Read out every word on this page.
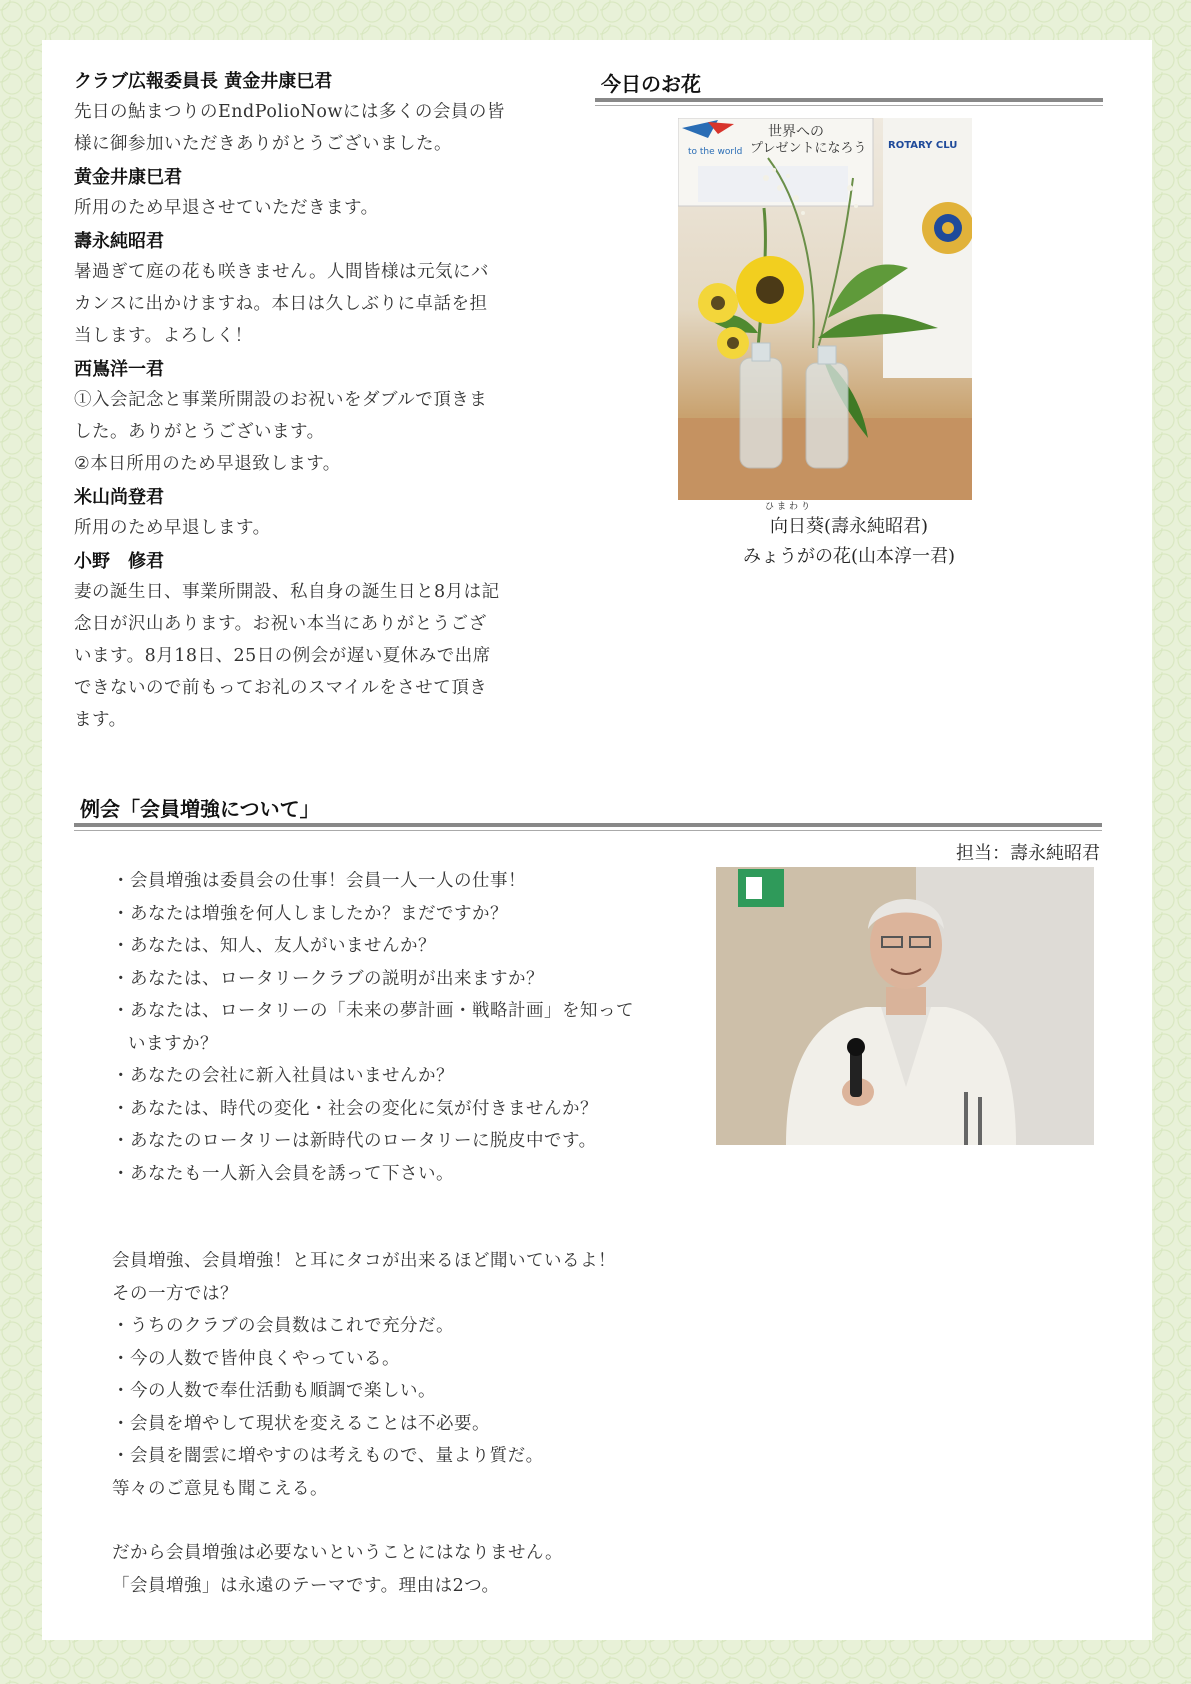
クラブ広報委員長 黄金井康巳君
先日の鮎まつりのEndPolioNowには多くの会員の皆
様に御参加いただきありがとうございました。
黄金井康巳君
所用のため早退させていただきます。
壽永純昭君
暑過ぎて庭の花も咲きません。人間皆様は元気にバ
カンスに出かけますね。本日は久しぶりに卓話を担
当します。よろしく！
西嶌洋一君
①入会記念と事業所開設のお祝いをダブルで頂きま
した。ありがとうございます。
②本日所用のため早退致します。
米山尚登君
所用のため早退します。
小野　修君
妻の誕生日、事業所開設、私自身の誕生日と8月は記
念日が沢山あります。お祝い本当にありがとうござ
います。8月18日、25日の例会が遅い夏休みで出席
できないので前もってお礼のスマイルをさせて頂き
ます。
今日のお花
to the world
世界への
プレゼントになろう ROTARY CLU
ひまわり
向日葵(壽永純昭君)
みょうがの花(山本淳一君)
例会「会員増強について」
担当：壽永純昭君
・会員増強は委員会の仕事！会員一人一人の仕事！
・あなたは増強を何人しましたか？まだですか？
・あなたは、知人、友人がいませんか？
・あなたは、ロータリークラブの説明が出来ますか？
・あなたは、ロータリーの「未来の夢計画・戦略計画」を知って
いますか？
・あなたの会社に新入社員はいませんか？
・あなたは、時代の変化・社会の変化に気が付きませんか？
・あなたのロータリーは新時代のロータリーに脱皮中です。
・あなたも一人新入会員を誘って下さい。
会員増強、会員増強！と耳にタコが出来るほど聞いているよ！
その一方では？
・うちのクラブの会員数はこれで充分だ。
・今の人数で皆仲良くやっている。
・今の人数で奉仕活動も順調で楽しい。
・会員を増やして現状を変えることは不必要。
・会員を闇雲に増やすのは考えもので、量より質だ。
等々のご意見も聞こえる。
だから会員増強は必要ないということにはなりません。
「会員増強」は永遠のテーマです。理由は2つ。
